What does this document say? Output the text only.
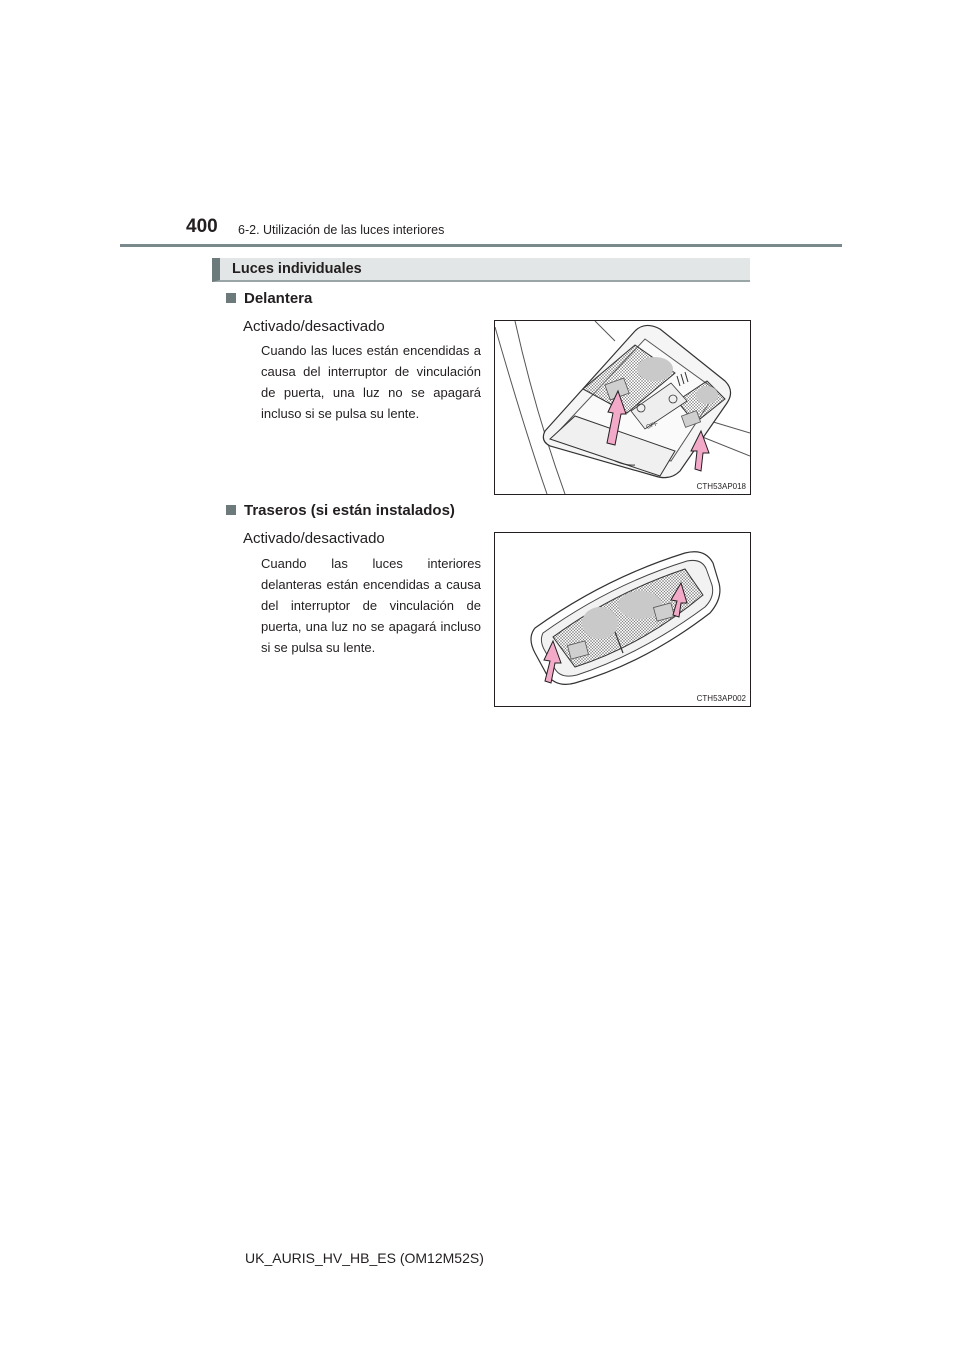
400 6-2. Utilización de las luces interiores
Luces individuales
Delantera
Activado/desactivado
Cuando las luces están encendidas a causa del interruptor de vinculación de puerta, una luz no se apagará incluso si se pulsa su lente.
OFF
CTH53AP018
Traseros (si están instalados)
Activado/desactivado
Cuando las luces interiores delanteras están encendidas a causa del interruptor de vinculación de puerta, una luz no se apagará incluso si se pulsa su lente.
CTH53AP002
UK_AURIS_HV_HB_ES (OM12M52S)
